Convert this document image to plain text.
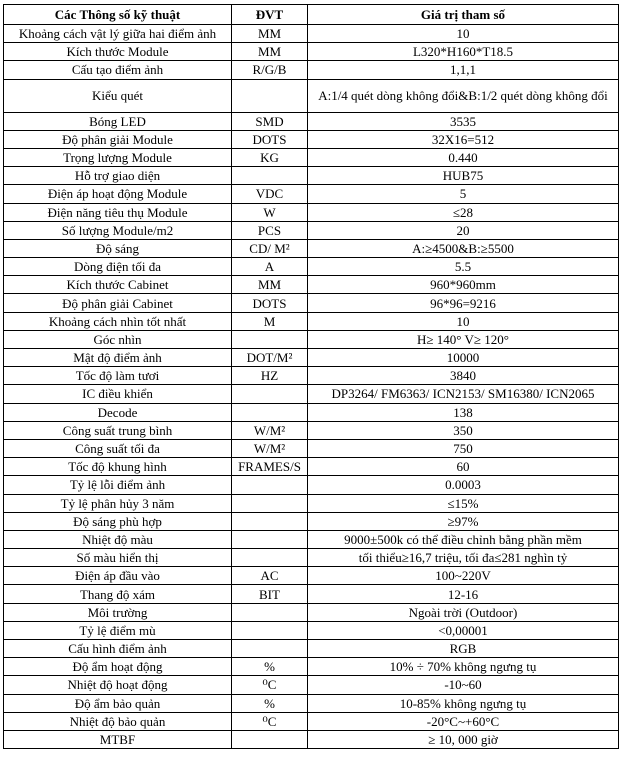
Các Thông số kỹ thuật	ĐVT	Giá trị tham số
Khoảng cách vật lý giữa hai điểm ảnh	MM	10
Kích thước Module	MM	L320*H160*T18.5
Cấu tạo điểm ảnh	R/G/B	1,1,1
Kiểu quét		A:1/4 quét dòng không đổi&B:1/2 quét dòng không đổi
Bóng LED	SMD	3535
Độ phân giải Module	DOTS	32X16=512
Trọng lượng Module	KG	0.440
Hỗ trợ giao diện		HUB75
Điện áp hoạt động Module	VDC	5
Điện năng tiêu thụ Module	W	≤28
Số lượng Module/m2	PCS	20
Độ sáng	CD/ M²	A:≥4500&B:≥5500
Dòng điện tối đa	A	5.5
Kích thước Cabinet	MM	960*960mm
Độ phân giải Cabinet	DOTS	96*96=9216
Khoảng cách nhìn tốt nhất	M	10
Góc nhìn		H≥ 140° V≥ 120°
Mật độ điểm ảnh	DOT/M²	10000
Tốc độ làm tươi	HZ	3840
IC điều khiển		DP3264/ FM6363/ ICN2153/ SM16380/ ICN2065
Decode		138
Công suất trung bình	W/M²	350
Công suất tối đa	W/M²	750
Tốc độ khung hình	FRAMES/S	60
Tỷ lệ lỗi điểm ảnh		0.0003
Tỷ lệ phân hủy 3 năm		≤15%
Độ sáng phù hợp		≥97%
Nhiệt độ màu		9000±500k có thể điều chỉnh bằng phần mềm
Số màu hiển thị		tối thiểu≥16,7 triệu, tối đa≤281 nghìn tỷ
Điện áp đầu vào	AC	100~220V
Thang độ xám	BIT	12-16
Môi trường		Ngoài trời (Outdoor)
Tỷ lệ điểm mù		<0,00001
Cấu hình điểm ảnh		RGB
Độ ẩm hoạt động	%	10% ÷ 70% không ngưng tụ
Nhiệt độ hoạt động	⁰C	-10~60
Độ ẩm bảo quản	%	10-85% không ngưng tụ
Nhiệt độ bảo quản	⁰C	-20°C~+60°C
MTBF		≥ 10, 000 giờ
